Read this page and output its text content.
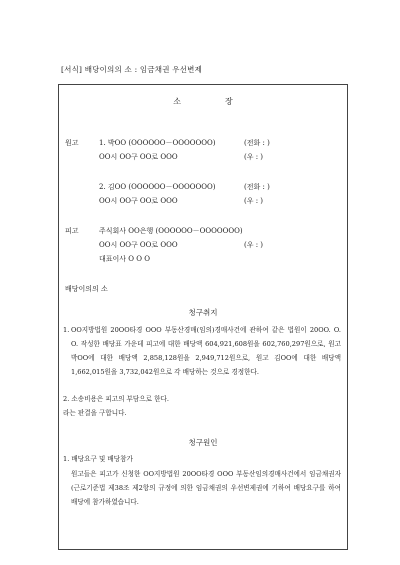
[서식] 배당이의의 소 : 임금채권 우선변제
소	장
원고	1. 박OO (OOOOOO－OOOOOOO)	(전화 : )
OO시 OO구 OO로 OOO	(우 : )
2. 김OO (OOOOOO－OOOOOOO)	(전화 : )
OO시 OO구 OO로 OOO	(우 : )
피고	주식회사 OO은행 (OOOOOO－OOOOOOO)
OO시 OO구 OO로 OOO	(우 : )
대표이사 O O O
배당이의의 소
청구취지
1. OO지방법원 20OO타경 OOO 부동산경매(임의)경매사건에 관하여 같은 법원이 20OO. O. O. 작성한 배당표 가운데 피고에 대한 배당액 604,921,608원을 602,760,297원으로, 원고 박OO에 대한 배당액 2,858,128원을 2,949,712원으로, 원고 김OO에 대한 배당액 1,662,015원을 3,732,042원으로 각 배당하는 것으로 경정한다.
2. 소송비용은 피고의 부담으로 한다.
라는 판결을 구합니다.
청구원인
1. 배당요구 및 배당참가
원고들은 피고가 신청한 OO지방법원 20OO타경 OOO 부동산임의경매사건에서 임금채권자(근로기준법 제38조 제2항의 규정에 의한 임금채권의 우선변제권에 기하여 배당요구를 하여 배당에 참가하였습니다.
